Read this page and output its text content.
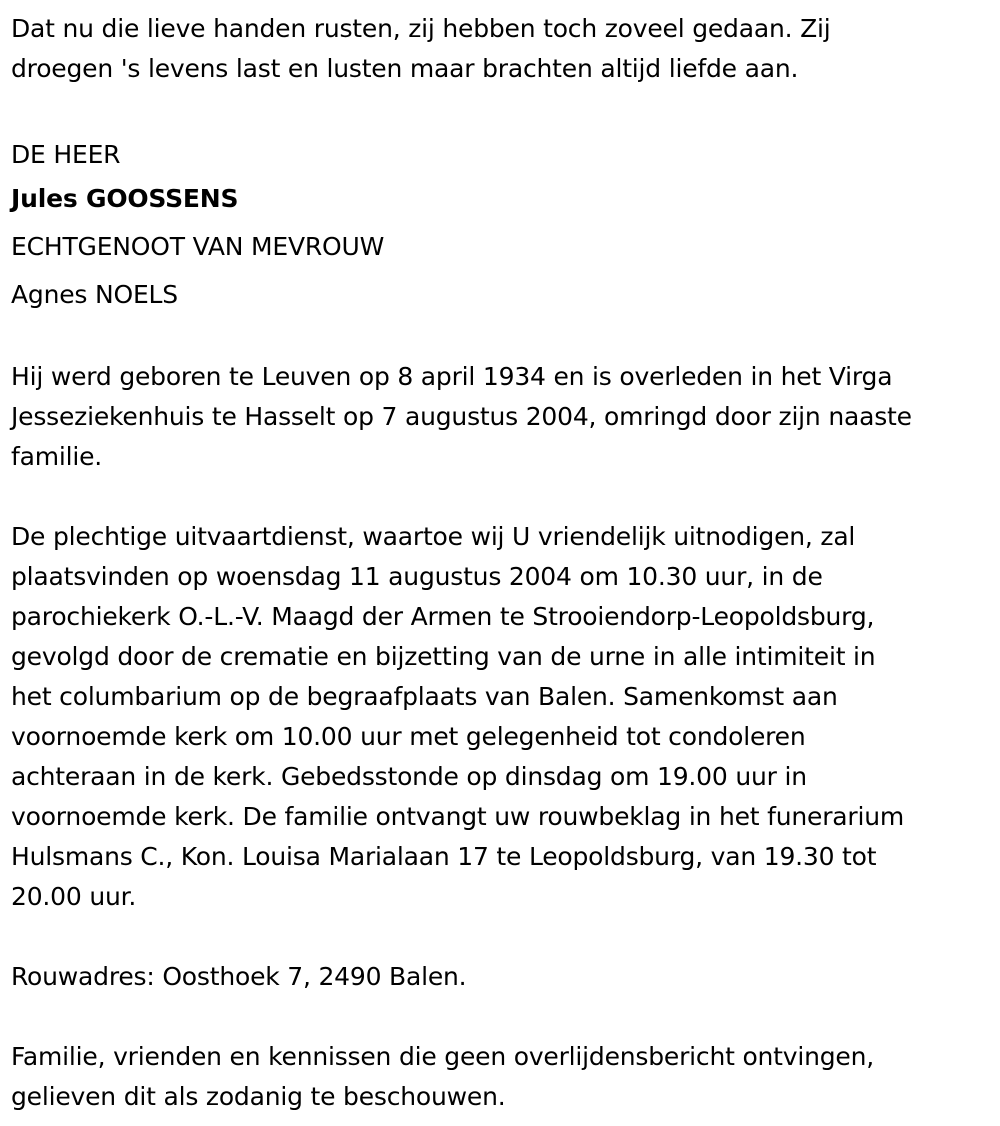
Dat nu die lieve handen rusten, zij hebben toch zoveel gedaan. Zij
droegen 's levens last en lusten maar brachten altijd liefde aan.
DE HEER
Jules GOOSSENS
ECHTGENOOT VAN MEVROUW
Agnes NOELS
Hij werd geboren te Leuven op 8 april 1934 en is overleden in het Virga
Jesseziekenhuis te Hasselt op 7 augustus 2004, omringd door zijn naaste
familie.
De plechtige uitvaartdienst, waartoe wij U vriendelijk uitnodigen, zal
plaatsvinden op woensdag 11 augustus 2004 om 10.30 uur, in de
parochiekerk O.-L.-V. Maagd der Armen te Strooiendorp-Leopoldsburg,
gevolgd door de crematie en bijzetting van de urne in alle intimiteit in
het columbarium op de begraafplaats van Balen. Samenkomst aan
voornoemde kerk om 10.00 uur met gelegenheid tot condoleren
achteraan in de kerk. Gebedsstonde op dinsdag om 19.00 uur in
voornoemde kerk. De familie ontvangt uw rouwbeklag in het funerarium
Hulsmans C., Kon. Louisa Marialaan 17 te Leopoldsburg, van 19.30 tot
20.00 uur.
Rouwadres: Oosthoek 7, 2490 Balen.
Familie, vrienden en kennissen die geen overlijdensbericht ontvingen,
gelieven dit als zodanig te beschouwen.
